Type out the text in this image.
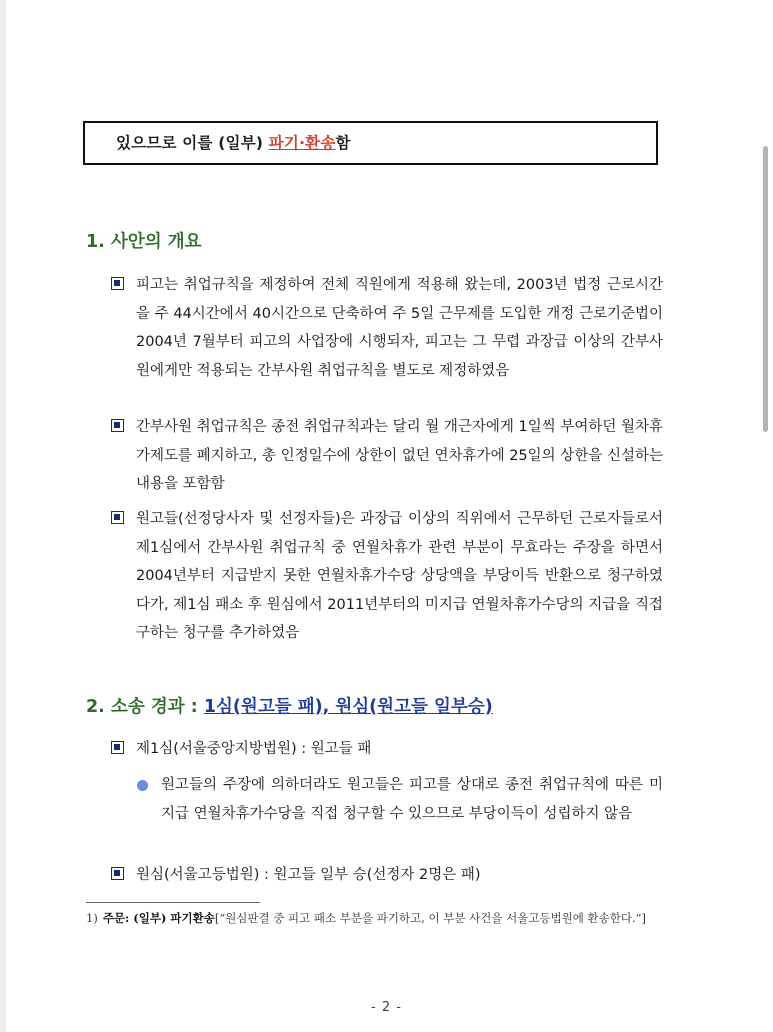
있으므로 이를 (일부) 파기·환송함
1. 사안의 개요
피고는 취업규칙을 제정하여 전체 직원에게 적용해 왔는데, 2003년 법정 근로시간을 주 44시간에서 40시간으로 단축하여 주 5일 근무제를 도입한 개정 근로기준법이 2004년 7월부터 피고의 사업장에 시행되자, 피고는 그 무렵 과장급 이상의 간부사원에게만 적용되는 간부사원 취업규칙을 별도로 제정하였음
간부사원 취업규칙은 종전 취업규칙과는 달리 월 개근자에게 1일씩 부여하던 월차휴가제도를 폐지하고, 총 인정일수에 상한이 없던 연차휴가에 25일의 상한을 신설하는 내용을 포함함
원고들(선정당사자 및 선정자들)은 과장급 이상의 직위에서 근무하던 근로자들로서 제1심에서 간부사원 취업규칙 중 연월차휴가 관련 부분이 무효라는 주장을 하면서 2004년부터 지급받지 못한 연월차휴가수당 상당액을 부당이득 반환으로 청구하였다가, 제1심 패소 후 원심에서 2011년부터의 미지급 연월차휴가수당의 지급을 직접 구하는 청구를 추가하였음
2. 소송 경과 : 1심(원고들 패), 원심(원고들 일부승)
제1심(서울중앙지방법원) : 원고들 패
원고들의 주장에 의하더라도 원고들은 피고를 상대로 종전 취업규칙에 따른 미지급 연월차휴가수당을 직접 청구할 수 있으므로 부당이득이 성립하지 않음
원심(서울고등법원) : 원고들 일부 승(선정자 2명은 패)
1) 주문: (일부) 파기환송[“원심판결 중 피고 패소 부분을 파기하고, 이 부분 사건을 서울고등법원에 환송한다.”]
- 2 -
